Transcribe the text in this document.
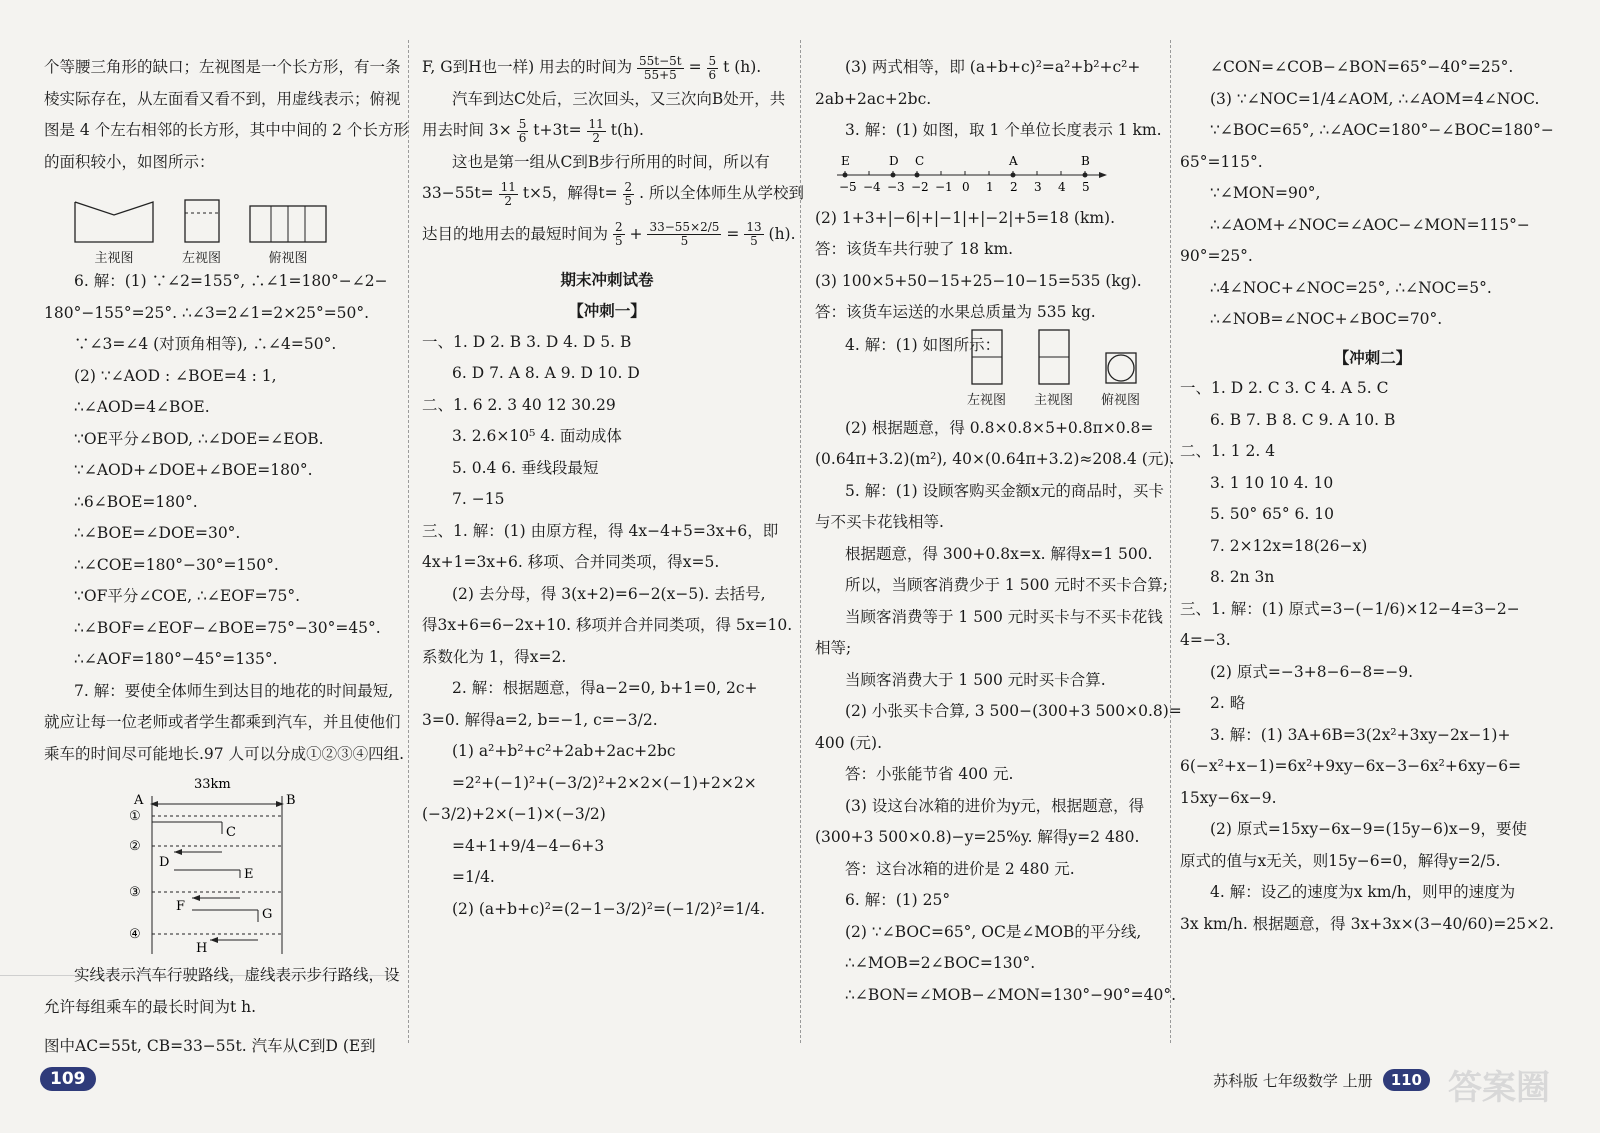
个等腰三角形的缺口；左视图是一个长方形，有一条
棱实际存在，从左面看又看不到，用虚线表示；俯视
图是 4 个左右相邻的长方形，其中中间的 2 个长方形
的面积较小，如图所示：
主视图	左视图	俯视图
6. 解：(1) ∵∠2=155°, ∴∠1=180°−∠2−
180°−155°=25°. ∴∠3=2∠1=2×25°=50°.
∵∠3=∠4 (对顶角相等), ∴∠4=50°.
(2) ∵∠AOD : ∠BOE=4 : 1,
∴∠AOD=4∠BOE.
∵OE平分∠BOD, ∴∠DOE=∠EOB.
∵∠AOD+∠DOE+∠BOE=180°.
∴6∠BOE=180°.
∴∠BOE=∠DOE=30°.
∴∠COE=180°−30°=150°.
∵OF平分∠COE, ∴∠EOF=75°.
∴∠BOF=∠EOF−∠BOE=75°−30°=45°.
∴∠AOF=180°−45°=135°.
7. 解：要使全体师生到达目的地花的时间最短,
就应让每一位老师或者学生都乘到汽车，并且使他们
乘车的时间尽可能地长.97 人可以分成①②③④四组.
33km
A	B
①
C
②
D
E
③
F
G
④
H
实线表示汽车行驶路线，虚线表示步行路线，设
允许每组乘车的最长时间为t h.
图中AC=55t, CB=33−55t. 汽车从C到D (E到
F, G到H也一样) 用去的时间为 $\frac{55t-5t}{55+5} = \frac{5}{6}$ t (h).
汽车到达C处后，三次回头，又三次向B处开，共
用去时间 $3\times \frac{5}{6} t+3t= \frac{11}{2} t(h)$.
这也是第一组从C到B步行所用的时间，所以有
$33-55t= \frac{11}{2} t\times 5$，解得$t= \frac{2}{5}$ . 所以全体师生从学校到
达目的地用去的最短时间为 $\frac{2}{5} + \frac{33-55\times 2/5}{5} = \frac{13}{5} (h)$.
期末冲刺试卷
【冲刺一】
一、1. D 2. B 3. D 4. D 5. B
6. D 7. A 8. A 9. D 10. D
二、1. 6 2. 3 40 12 30.29
3. 2.6×10⁵ 4. 面动成体
5. 0.4 6. 垂线段最短
7. −15
三、1. 解：(1) 由原方程，得 4x−4+5=3x+6，即
4x+1=3x+6. 移项、合并同类项，得x=5.
(2) 去分母，得 3(x+2)=6−2(x−5). 去括号,
得3x+6=6−2x+10. 移项并合并同类项，得 5x=10.
系数化为 1，得x=2.
2. 解：根据题意，得a−2=0, b+1=0, 2c+
3=0. 解得a=2, b=−1, c=−3/2.
(1) a²+b²+c²+2ab+2ac+2bc
=2²+(−1)²+(−3/2)²+2×2×(−1)+2×2×
(−3/2)+2×(−1)×(−3/2)
=4+1+9/4−4−6+3
=1/4.
(2) (a+b+c)²=(2−1−3/2)²=(−1/2)²=1/4.
(3) 两式相等，即 (a+b+c)²=a²+b²+c²+
2ab+2ac+2bc.
3. 解：(1) 如图，取 1 个单位长度表示 1 km.
−5 −4 −3 −2 −1 0 1 2 3 4 5
E	D C	A	B
(2) 1+3+|−6|+|−1|+|−2|+5=18 (km).
答：该货车共行驶了 18 km.
(3) 100×5+50−15+25−10−15=535 (kg).
答：该货车运送的水果总质量为 535 kg.
4. 解：(1) 如图所示：
左视图 主视图 俯视图
(2) 根据题意，得 0.8×0.8×5+0.8π×0.8=
(0.64π+3.2)(m²), 40×(0.64π+3.2)≈208.4 (元).
5. 解：(1) 设顾客购买金额x元的商品时，买卡
与不买卡花钱相等.
根据题意，得 300+0.8x=x. 解得x=1 500.
所以，当顾客消费少于 1 500 元时不买卡合算;
当顾客消费等于 1 500 元时买卡与不买卡花钱
相等;
当顾客消费大于 1 500 元时买卡合算.
(2) 小张买卡合算, 3 500−(300+3 500×0.8)=
400 (元).
答：小张能节省 400 元.
(3) 设这台冰箱的进价为y元，根据题意，得
(300+3 500×0.8)−y=25%y. 解得y=2 480.
答：这台冰箱的进价是 2 480 元.
6. 解：(1) 25°
(2) ∵∠BOC=65°, OC是∠MOB的平分线,
∴∠MOB=2∠BOC=130°.
∴∠BON=∠MOB−∠MON=130°−90°=40°.
∠CON=∠COB−∠BON=65°−40°=25°.
(3) ∵∠NOC=1/4∠AOM, ∴∠AOM=4∠NOC.
∵∠BOC=65°, ∴∠AOC=180°−∠BOC=180°−
65°=115°.
∵∠MON=90°,
∴∠AOM+∠NOC=∠AOC−∠MON=115°−
90°=25°.
∴4∠NOC+∠NOC=25°, ∴∠NOC=5°.
∴∠NOB=∠NOC+∠BOC=70°.
【冲刺二】
一、1. D 2. C 3. C 4. A 5. C
6. B 7. B 8. C 9. A 10. B
二、1. 1 2. 4
3. 1 10 10 4. 10
5. 50° 65° 6. 10
7. 2×12x=18(26−x)
8. 2n 3n
三、1. 解：(1) 原式=3−(−1/6)×12−4=3−2−
4=−3.
(2) 原式=−3+8−6−8=−9.
2. 略
3. 解：(1) 3A+6B=3(2x²+3xy−2x−1)+
6(−x²+x−1)=6x²+9xy−6x−3−6x²+6xy−6=
15xy−6x−9.
(2) 原式=15xy−6x−9=(15y−6)x−9，要使
原式的值与x无关，则15y−6=0，解得y=2/5.
4. 解：设乙的速度为x km/h，则甲的速度为
3x km/h. 根据题意，得 3x+3x×(3−40/60)=25×2.
109	苏科版 七年级数学 上册	110 答案圈
